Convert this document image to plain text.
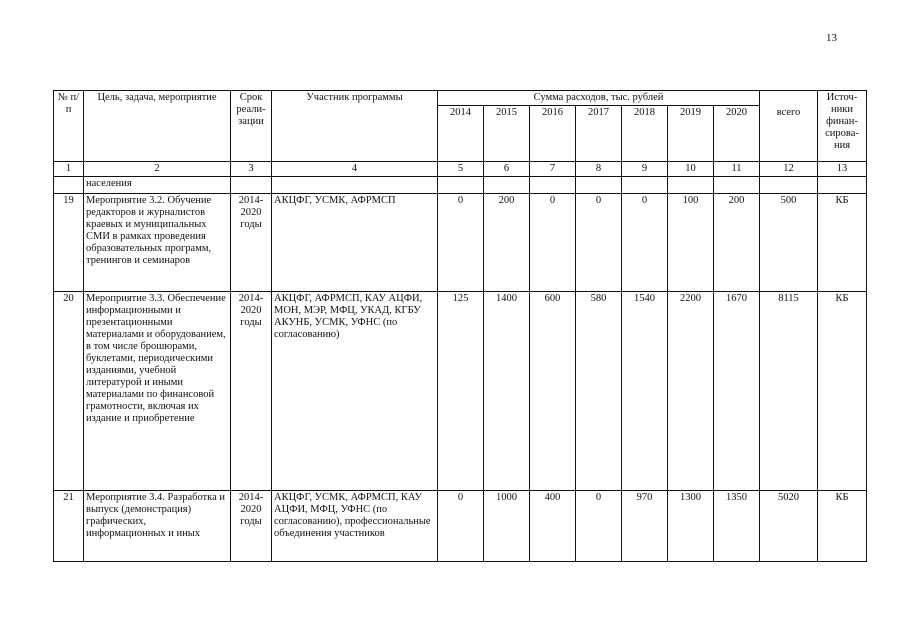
13
№ п/п	Цель, задача, мероприятие	Срок реали-зации	Участник программы	Сумма расходов, тыс. рублей								Источ-ники финан-сирова-ния
				2014	2015	2016	2017	2018	2019	2020	всего	
1	2	3	4	5	6	7	8	9	10	11	12	13
	населения											
19	Мероприятие 3.2. Обучение редакторов и журналистов краевых и муниципальных СМИ в рамках проведения образовательных программ, тренингов и семинаров	2014-2020 годы	АКЦФГ, УСМК, АФРМСП	0	200	0	0	0	100	200	500	КБ
20	Мероприятие 3.3. Обеспечение информационными и презентационными материалами и оборудованием, в том числе брошюрами, буклетами, периодическими изданиями, учебной литературой и иными материалами по финансовой грамотности, включая их издание и приобретение	2014-2020 годы	АКЦФГ, АФРМСП, КАУ АЦФИ, МОН, МЭР, МФЦ, УКАД, КГБУ АКУНБ, УСМК, УФНС (по согласованию)	125	1400	600	580	1540	2200	1670	8115	КБ
21	Мероприятие 3.4. Разработка и выпуск (демонстрация) графических, информационных и иных	2014-2020 годы	АКЦФГ, УСМК, АФРМСП, КАУ АЦФИ, МФЦ, УФНС (по согласованию), профессиональные объединения участников	0	1000	400	0	970	1300	1350	5020	КБ
